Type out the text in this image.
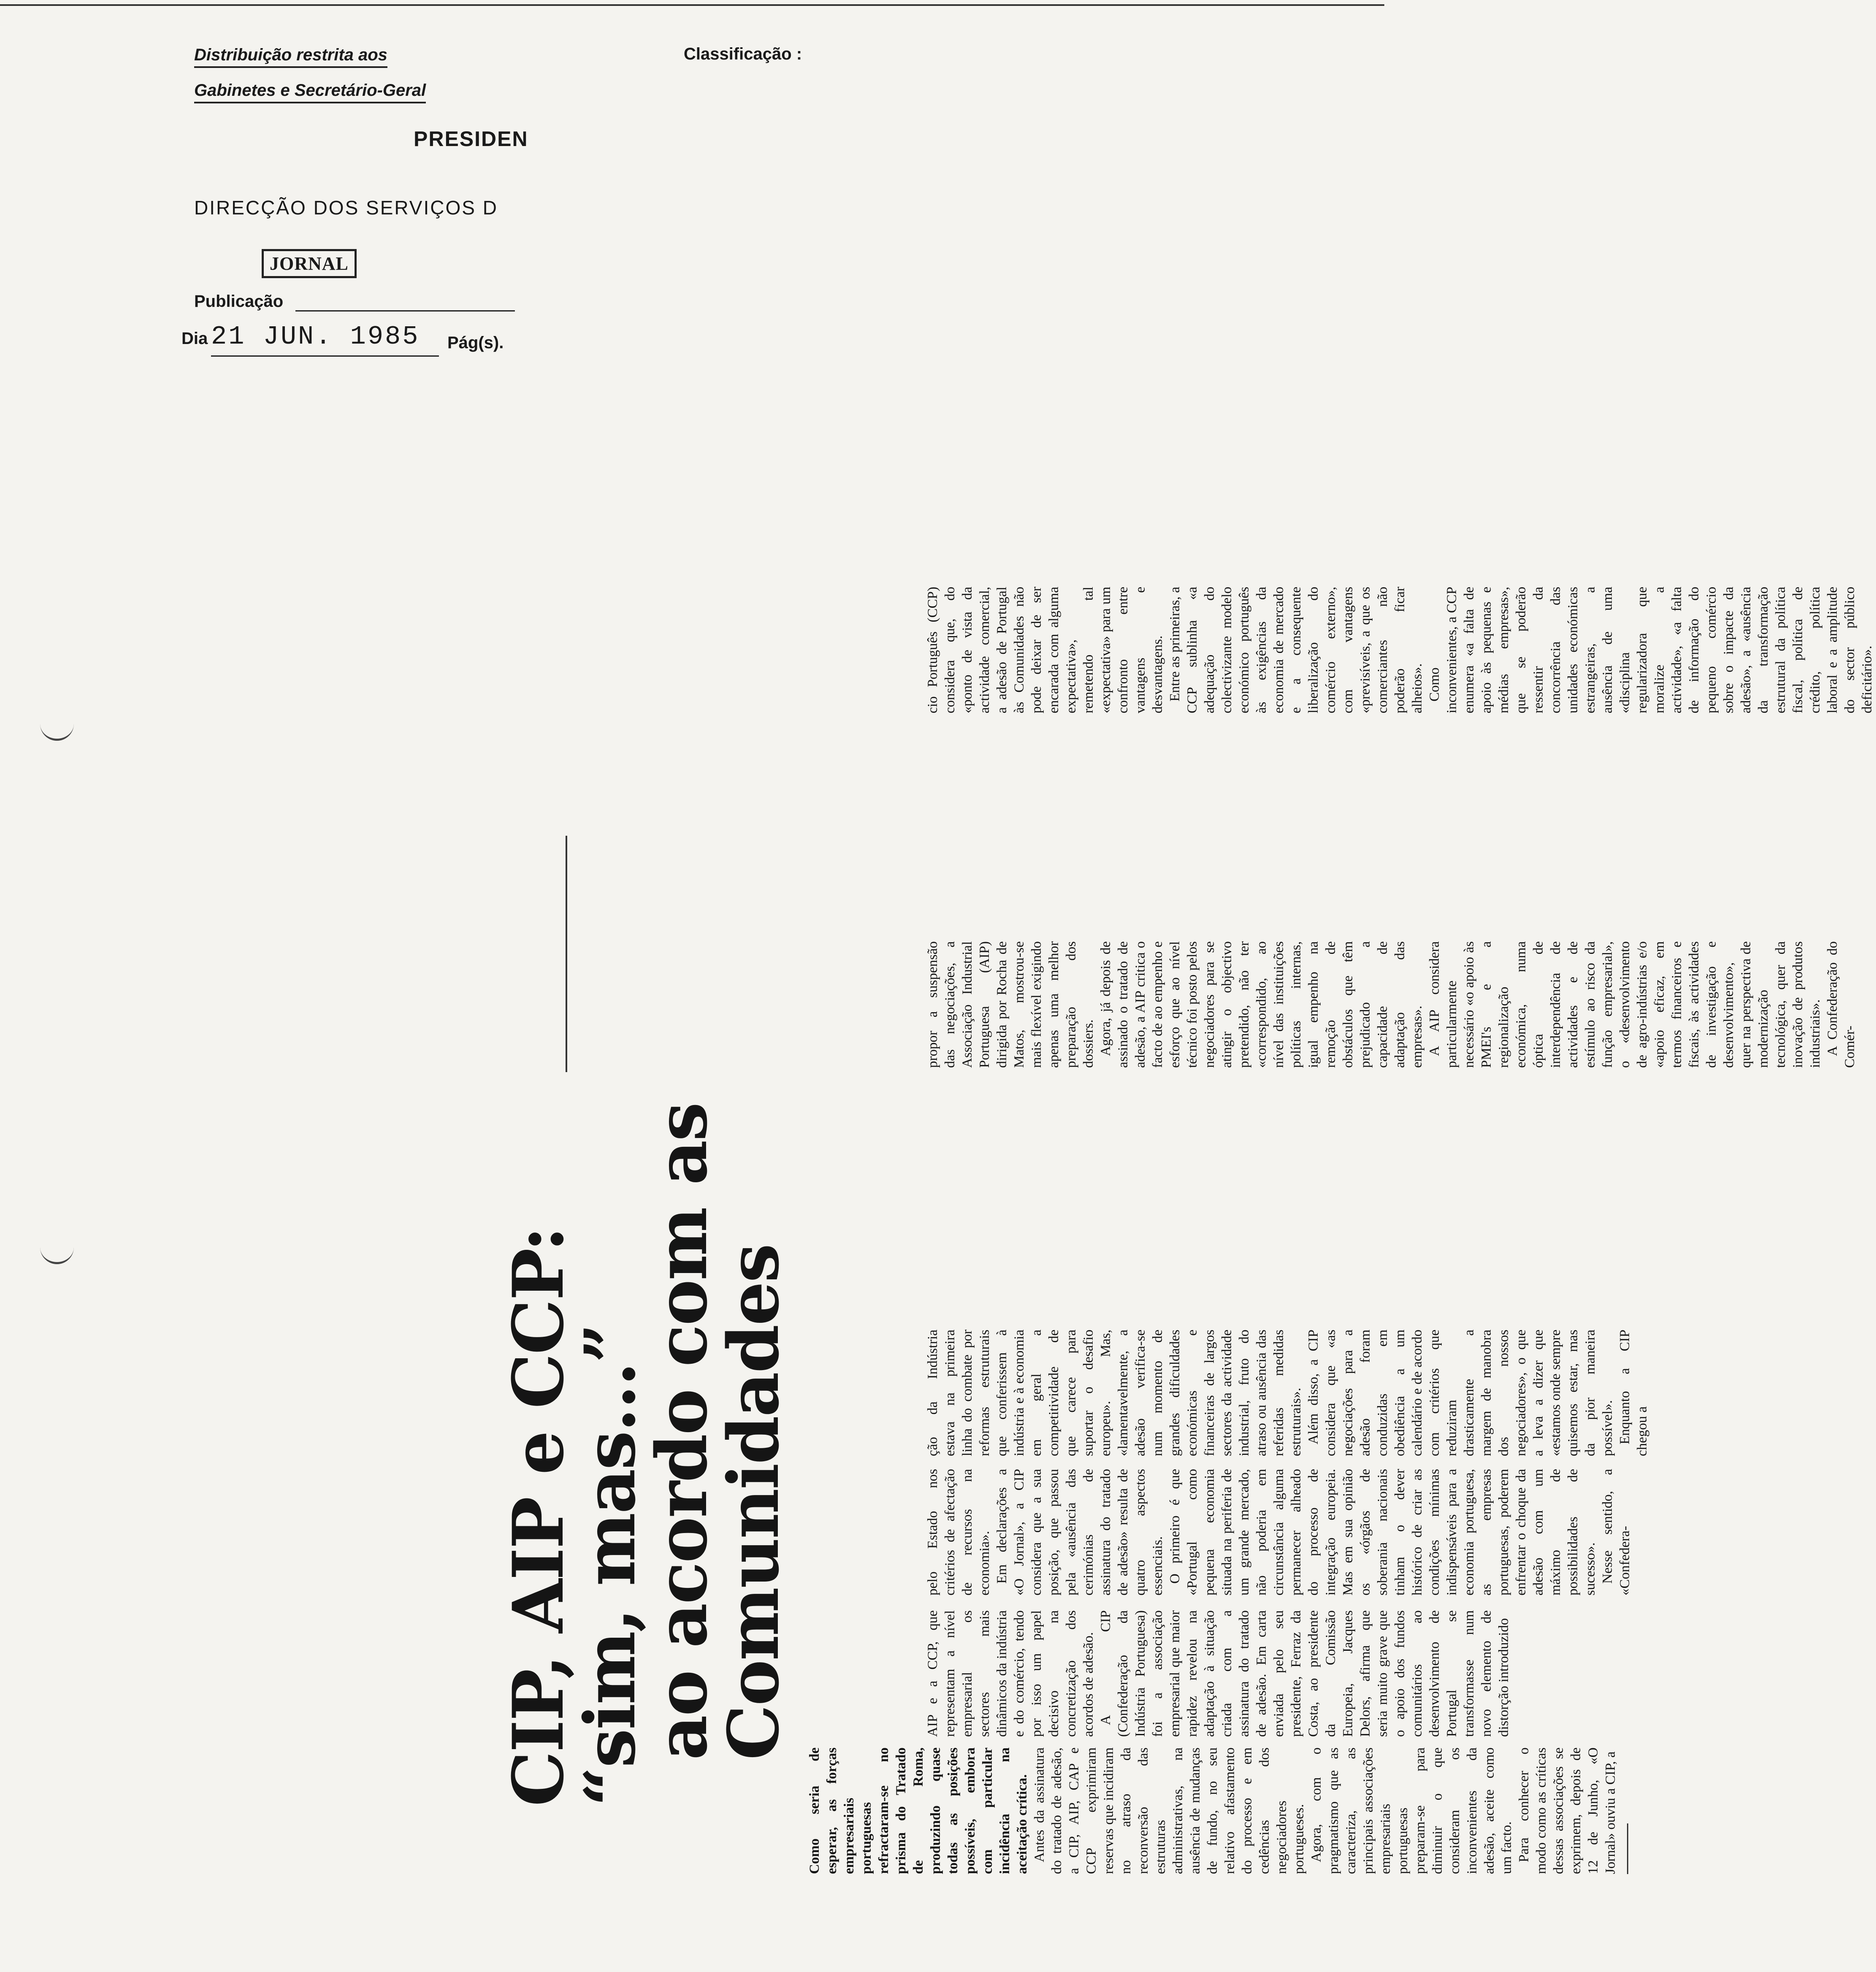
Distribuição restrita aos
Gabinetes e Secretário-Geral
Classificação :
PRESIDEN
DIRECÇÃO DOS SERVIÇOS D
JORNAL
Publicação
Dia 21 JUN. 1985 Pág(s).
CIP, AIP e CCP: “sim, mas...”
ao acordo com as Comunidades

Como seria de esperar, as forças empresariais portuguesas refractaram-se no prisma do Tratado de Roma, produzindo quase todas as posições possíveis, embora com particular incidência na aceitação crítica. Antes da assinatura do tratado de adesão, a CIP, AIP, CAP e CCP exprimiram reservas que incidiram no atraso da reconversão das estruturas administrativas, na ausência de mudanças de fundo, no seu relativo afastamento do processo e em cedências dos negociadores portugueses. Agora, com o pragmatismo que as caracteriza, as principais associações empresariais portuguesas preparam-se para diminuir o que consideram os inconvenientes da adesão, aceite como um facto. Para conhecer o modo como as críticas dessas associações se exprimem, depois de 12 de Junho, «O Jornal» ouviu a CIP, a

AIP e a CCP, que representam a nível empresarial os sectores mais dinâmicos da indústria e do comércio, tendo por isso um papel decisivo na concretização dos acordos de adesão. A CIP (Confederação da Indústria Portuguesa) foi a associação empresarial que maior rapidez revelou na adaptação à situação criada com a assinatura do tratado de adesão. Em carta enviada pelo seu presidente, Ferraz da Costa, ao presidente da Comissão Europeia, Jacques Delors, afirma que seria muito grave que o apoio dos fundos comunitários ao desenvolvimento de Portugal se transformasse num novo elemento de distorção introduzido

pelo Estado nos critérios de afectação de recursos na economia». Em declarações a «O Jornal», a CIP considera que a sua posição, que passou pela «ausência das cerimónias de assinatura do tratado de adesão» resulta de quatro aspectos essenciais. O primeiro é que «Portugal como pequena economia situada na periferia de um grande mercado, não poderia em circunstância alguma permanecer alheado do processo de integração europeia. Mas em sua opinião os «órgãos de soberania nacionais tinham o dever histórico de criar as condições mínimas indispensáveis para a economia portuguesa, as empresas portuguesas, poderem enfrentar o choque da adesão com um máximo de possibilidades de sucesso». Nesse sentido, a «Confedera-

ção da Indústria estava na primeira linha do combate por reformas estruturais que conferissem à indústria e à economia em geral a competitividade de que carece para suportar o desafio europeu». Mas, «lamentavelmente, a adesão verifica-se num momento de grandes dificuldades económicas e financeiras de largos sectores da actividade industrial, fruto do atraso ou ausência das referidas medidas estruturais». Além disso, a CIP considera que «as negociações para a adesão foram conduzidas em obediência a um calendário e de acordo com critérios que reduziram drasticamente a margem de manobra dos nossos negociadores», o que a leva a dizer que «estamos onde sempre quisemos estar, mas da pior maneira possível». Enquanto a CIP chegou a

propor a suspensão das negociações, a Associação Industrial Portuguesa (AIP) dirigida por Rocha de Matos, mostrou-se mais flexível exigindo apenas uma melhor preparação dos dossiers. Agora, já depois de assinado o tratado de adesão, a AIP critica o facto de ao empenho e esforço que ao nível técnico foi posto pelos negociadores para se atingir o objectivo pretendido, não ter «correspondido, ao nível das instituições políticas internas, igual empenho na remoção de obstáculos que têm prejudicado a capacidade de adaptação das empresas». A AIP considera particularmente necessário «o apoio às PMEI's e a regionalização económica, numa óptica de interdependência de actividades e de estímulo ao risco da função empresarial», o «desenvolvimento de agro-indústrias e/o «apoio eficaz, em termos financeiros e fiscais, às actividades de investigação e desenvolvimento», quer na perspectiva de modernização tecnológica, quer da inovação de produtos industriais». A Confederação do Comér-

cio Português (CCP) considera que, do «ponto de vista da actividade comercial, a adesão de Portugal às Comunidades não pode deixar de ser encarada com alguma expectativa», remetendo tal «expectativa» para um confronto entre vantagens e desvantagens. Entre as primeiras, a CCP sublinha «a adequação do colectivizante modelo económico português às exigências da economia de mercado e a consequente liberalização do comércio externo», com vantagens «previsíveis, a que os comerciantes não poderão ficar alheios». Como inconvenientes, a CCP enumera «a falta de apoio às pequenas e médias empresas», que se poderão ressentir da concorrência das unidades económicas estrangeiras, a ausência de uma «disciplina regularizadora que moralize a actividade», «a falta de informação do pequeno comércio sobre o impacte da adesão», a «ausência da transformação estrutural da política fiscal, política de crédito, política laboral e a amplitude do sector público deficitário».
